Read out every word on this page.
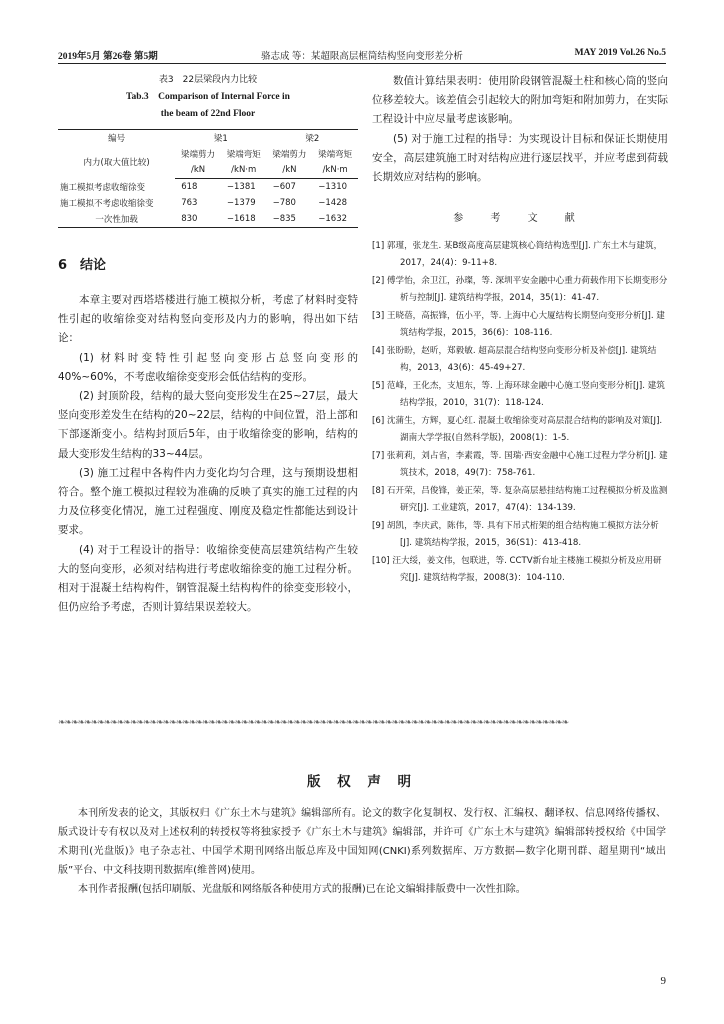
2019年5月 第26卷 第5期	骆志成 等：某超限高层框筒结构竖向变形差分析	MAY 2019 Vol.26 No.5
表3　22层梁段内力比较
Tab.3　Comparison of Internal Force in
the beam of 22nd Floor
编号	梁1		梁2	
内力(取大值比较)	梁端剪力	梁端弯矩	梁端剪力	梁端弯矩
	/kN	/kN·m	/kN	/kN·m
施工模拟考虑收缩徐变	618	−1381	−607	−1310
施工模拟不考虑收缩徐变	763	−1379	−780	−1428
一次性加载	830	−1618	−835	−1632
6　结论

本章主要对西塔塔楼进行施工模拟分析，考虑了材料时变特性引起的收缩徐变对结构竖向变形及内力的影响，得出如下结论：

(1) 材料时变特性引起竖向变形占总竖向变形的40%~60%，不考虑收缩徐变变形会低估结构的变形。

(2) 封顶阶段，结构的最大竖向变形发生在25~27层，最大竖向变形差发生在结构的20~22层，结构的中间位置，沿上部和下部逐渐变小。结构封顶后5年，由于收缩徐变的影响，结构的最大变形发生结构的33~44层。

(3) 施工过程中各构件内力变化均匀合理，这与预期设想相符合。整个施工模拟过程较为准确的反映了真实的施工过程的内力及位移变化情况，施工过程强度、刚度及稳定性都能达到设计要求。

(4) 对于工程设计的指导：收缩徐变使高层建筑结构产生较大的竖向变形，必须对结构进行考虑收缩徐变的施工过程分析。相对于混凝土结构构件，钢管混凝土结构构件的徐变变形较小，但仍应给予考虑，否则计算结果误差较大。

数值计算结果表明：使用阶段钢管混凝土柱和核心筒的竖向位移差较大。该差值会引起较大的附加弯矩和附加剪力，在实际工程设计中应尽量考虑该影响。

(5) 对于施工过程的指导：为实现设计目标和保证长期使用安全，高层建筑施工时对结构应进行逐层找平，并应考虑到荷载长期效应对结构的影响。

参 考 文 献
[1] 郭瑾，张龙生. 某B级高度高层建筑核心筒结构选型[J]. 广东土木与建筑，2017，24(4)：9-11+8.
[2] 傅学怡，余卫江，孙璨，等. 深圳平安金融中心重力荷载作用下长期变形分析与控制[J]. 建筑结构学报，2014，35(1)：41-47.
[3] 王晓蓓，高振锋，伍小平，等. 上海中心大厦结构长期竖向变形分析[J]. 建筑结构学报，2015，36(6)：108-116.
[4] 张盼盼，赵昕，郑毅敏. 超高层混合结构竖向变形分析及补偿[J]. 建筑结构，2013，43(6)：45-49+27.
[5] 范峰，王化杰，支旭东，等. 上海环球金融中心施工竖向变形分析[J]. 建筑结构学报，2010，31(7)：118-124.
[6] 沈蒲生，方辉，夏心红. 混凝土收缩徐变对高层混合结构的影响及对策[J]. 湖南大学学报(自然科学版)，2008(1)：1-5.
[7] 张莉莉，刘占省，李素霞，等. 国瑞·西安金融中心施工过程力学分析[J]. 建筑技术，2018，49(7)：758-761.
[8] 石开荣，吕俊锋，姜正荣，等. 复杂高层悬挂结构施工过程模拟分析及监测研究[J]. 工业建筑，2017，47(4)：134-139.
[9] 胡凯，李庆武，陈伟，等. 具有下吊式桁架的组合结构施工模拟方法分析[J]. 建筑结构学报，2015，36(S1)：413-418.
[10] 汪大绥，姜文伟，包联进，等. CCTV新台址主楼施工模拟分析及应用研究[J]. 建筑结构学报，2008(3)：104-110.
❧❧❧❧❧❧❧❧❧❧❧❧❧❧❧❧❧❧❧❧❧❧❧❧❧❧❧❧❧❧❧❧❧❧❧❧❧❧❧❧❧❧❧❧❧❧❧❧❧❧❧❧❧❧❧❧❧❧❧❧❧❧❧❧❧❧❧❧❧❧❧❧❧❧❧❧❧❧
版 权 声 明

本刊所发表的论文，其版权归《广东土木与建筑》编辑部所有。论文的数字化复制权、发行权、汇编权、翻译权、信息网络传播权、版式设计专有权以及对上述权利的转授权等将独家授予《广东土木与建筑》编辑部，并许可《广东土木与建筑》编辑部转授权给《中国学术期刊(光盘版)》电子杂志社、中国学术期刊网络出版总库及中国知网(CNKI)系列数据库、万方数据—数字化期刊群、超星期刊“域出版”平台、中文科技期刊数据库(维普网)使用。

本刊作者报酬(包括印刷版、光盘版和网络版各种使用方式的报酬)已在论文编辑排版费中一次性扣除。

9
